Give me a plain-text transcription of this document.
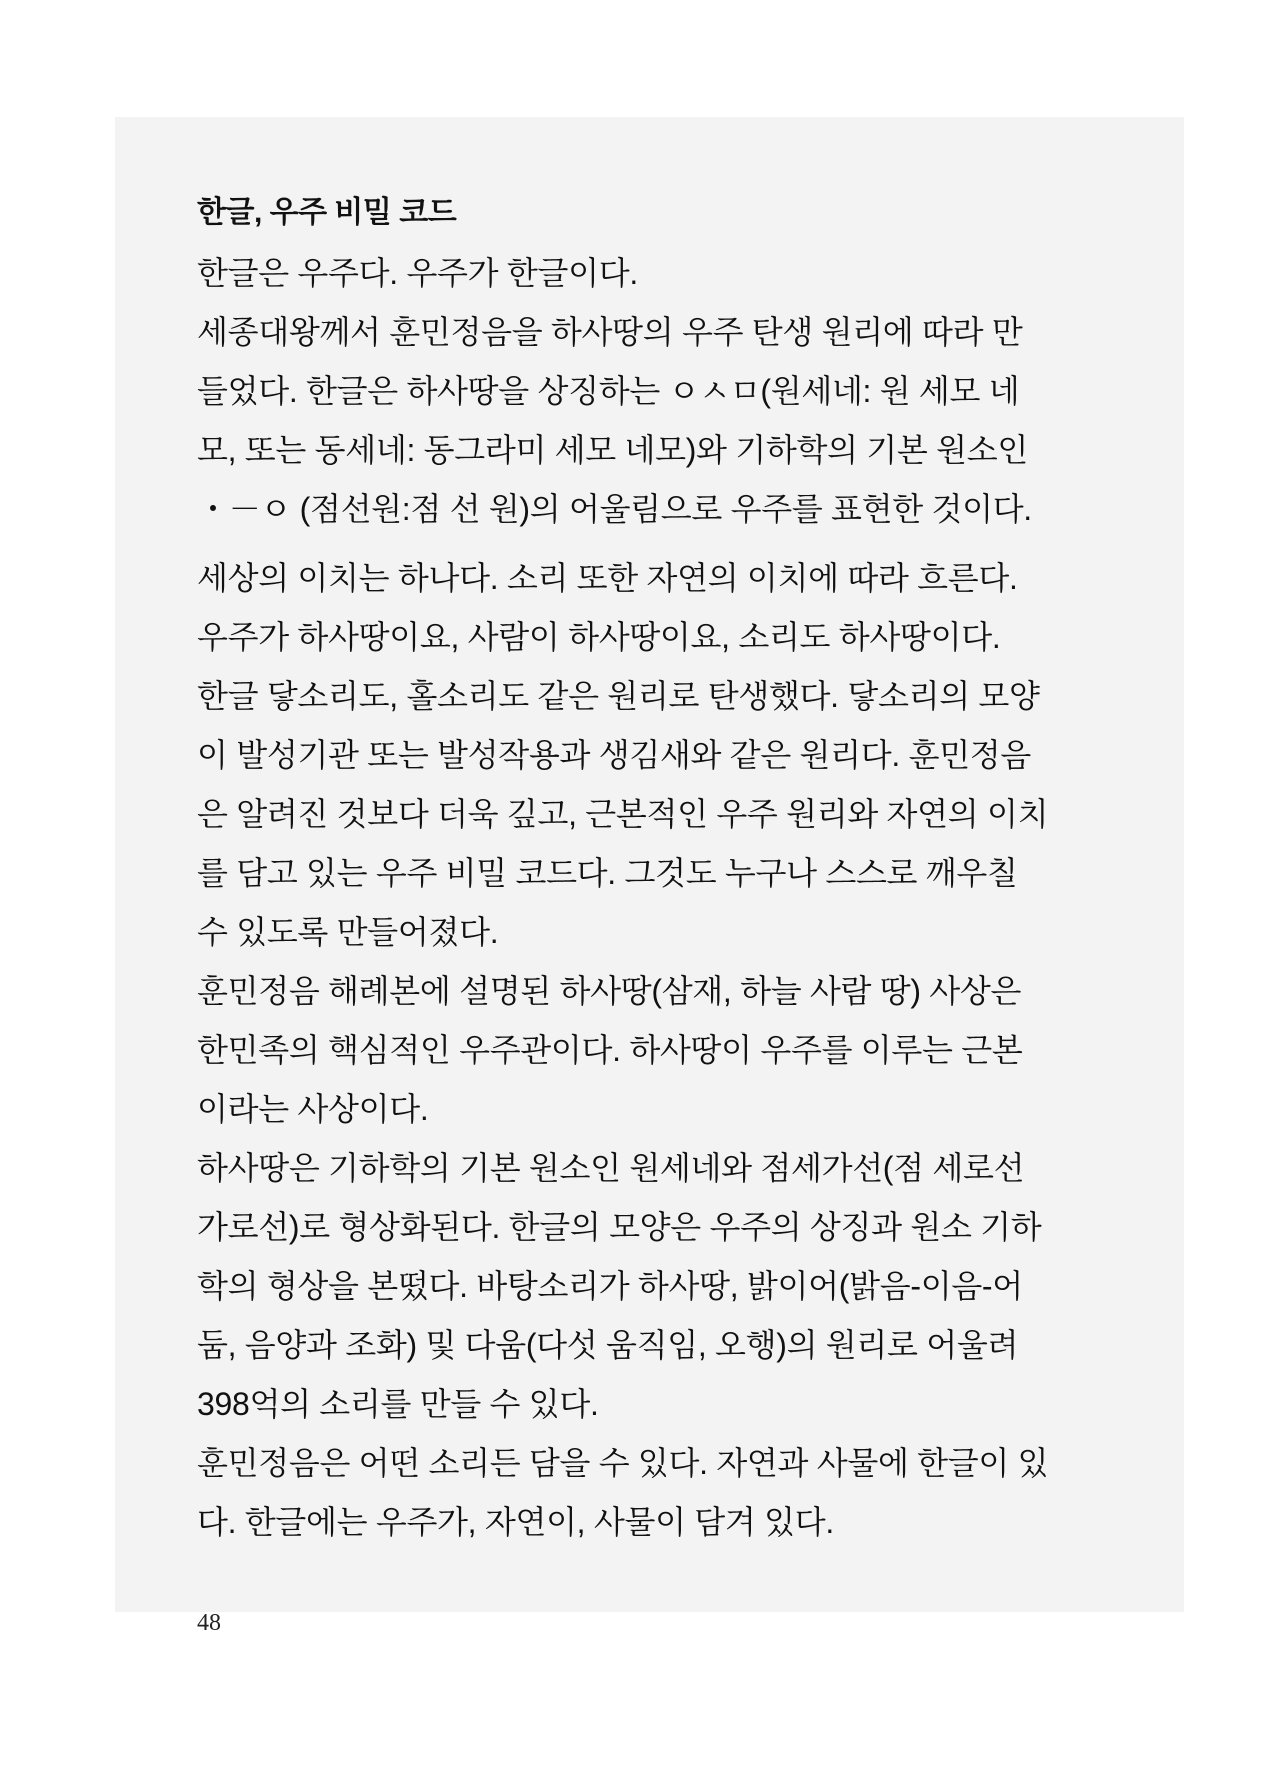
한글, 우주 비밀 코드
한글은 우주다. 우주가 한글이다.
세종대왕께서 훈민정음을 하사땅의 우주 탄생 원리에 따라 만
들었다. 한글은 하사땅을 상징하는 ㅇㅅㅁ(원세네: 원 세모 네
모, 또는 동세네: 동그라미 세모 네모)와 기하학의 기본 원소인
・－ㅇ (점선원:점 선 원)의 어울림으로 우주를 표현한 것이다.
세상의 이치는 하나다. 소리 또한 자연의 이치에 따라 흐른다.
우주가 하사땅이요, 사람이 하사땅이요, 소리도 하사땅이다.
한글 닿소리도, 홀소리도 같은 원리로 탄생했다. 닿소리의 모양
이 발성기관 또는 발성작용과 생김새와 같은 원리다. 훈민정음
은 알려진 것보다 더욱 깊고, 근본적인 우주 원리와 자연의 이치
를 담고 있는 우주 비밀 코드다. 그것도 누구나 스스로 깨우칠
수 있도록 만들어졌다.
훈민정음 해례본에 설명된 하사땅(삼재, 하늘 사람 땅) 사상은
한민족의 핵심적인 우주관이다. 하사땅이 우주를 이루는 근본
이라는 사상이다.
하사땅은 기하학의 기본 원소인 원세네와 점세가선(점 세로선
가로선)로 형상화된다. 한글의 모양은 우주의 상징과 원소 기하
학의 형상을 본떴다. 바탕소리가 하사땅, 밝이어(밝음-이음-어
둠, 음양과 조화) 및 다움(다섯 움직임, 오행)의 원리로 어울려
398억의 소리를 만들 수 있다.
훈민정음은 어떤 소리든 담을 수 있다. 자연과 사물에 한글이 있
다. 한글에는 우주가, 자연이, 사물이 담겨 있다.
48
